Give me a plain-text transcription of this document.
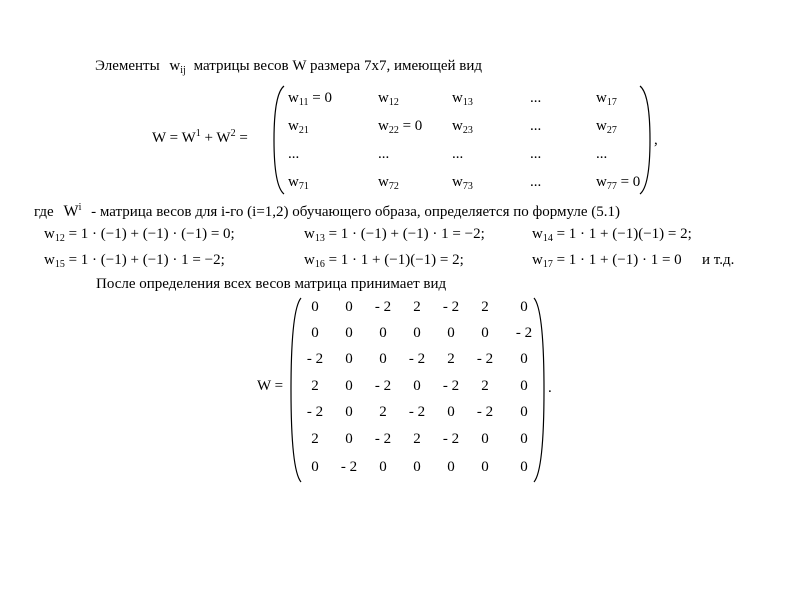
Элементы $w_{ij}$ матрицы весов W размера 7х7, имеющей вид
$W = W^1 + W^2$ =	,
$w_{11} = 0$	$w_{12}$	$w_{13}$	...	$w_{17}$
$w_{21}$	$w_{22} = 0$ $w_{23}$	...	$w_{27}$
...	...	...	...	...
$w_{71}$	$w_{72}$	$w_{73}$	...	$w_{77} = 0$
где $W^i$ - матрица весов для i-го (i=1,2) обучающего образа, определяется по формуле (5.1)
$w_{12} = 1 \cdot (-1) + (-1) \cdot (-1) = 0$;	$w_{13} = 1 \cdot (-1) + (-1) \cdot 1 = -2$;	$w_{14} = 1 \cdot 1 + (-1)(-1) = 2$;
$w_{15} = 1 \cdot (-1) + (-1) \cdot 1 = -2$;	$w_{16} = 1 \cdot 1 + (-1)(-1) = 2$;	$w_{17} = 1 \cdot 1 + (-1) \cdot 1 = 0$ и т.д.
После определения всех весов матрица принимает вид
W =	.
0	0	- 2	2	- 2	2	0
0	0	0	0	0	0	- 2
- 2	0	0	- 2	2	- 2	0
2	0	- 2	0	- 2	2	0
- 2	0	2	- 2	0	- 2	0
2	0	- 2	2	- 2	0	0
0	- 2	0	0	0	0	0
